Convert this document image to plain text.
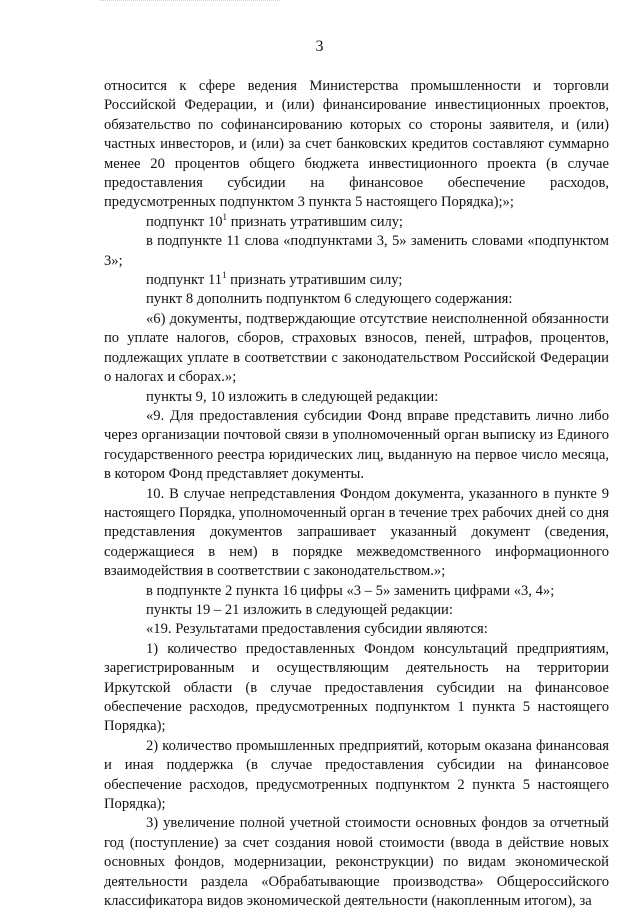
3

относится к сфере ведения Министерства промышленности и торговли Российской Федерации, и (или) финансирование инвестиционных проектов, обязательство по софинансированию которых со стороны заявителя, и (или) частных инвесторов, и (или) за счет банковских кредитов составляют суммарно менее 20 процентов общего бюджета инвестиционного проекта (в случае предоставления субсидии на финансовое обеспечение расходов, предусмотренных подпунктом 3 пункта 5 настоящего Порядка);»;

подпункт $10^1$ признать утратившим силу;

в подпункте 11 слова «подпунктами 3, 5» заменить словами «подпунктом 3»;

подпункт $11^1$ признать утратившим силу;

пункт 8 дополнить подпунктом 6 следующего содержания:

«6) документы, подтверждающие отсутствие неисполненной обязанности по уплате налогов, сборов, страховых взносов, пеней, штрафов, процентов, подлежащих уплате в соответствии с законодательством Российской Федерации о налогах и сборах.»;

пункты 9, 10 изложить в следующей редакции:

«9. Для предоставления субсидии Фонд вправе представить лично либо через организации почтовой связи в уполномоченный орган выписку из Единого государственного реестра юридических лиц, выданную на первое число месяца, в котором Фонд представляет документы.

10. В случае непредставления Фондом документа, указанного в пункте 9 настоящего Порядка, уполномоченный орган в течение трех рабочих дней со дня представления документов запрашивает указанный документ (сведения, содержащиеся в нем) в порядке межведомственного информационного взаимодействия в соответствии с законодательством.»;

в подпункте 2 пункта 16 цифры «3 – 5» заменить цифрами «3, 4»;

пункты 19 – 21 изложить в следующей редакции:

«19. Результатами предоставления субсидии являются:

1) количество предоставленных Фондом консультаций предприятиям, зарегистрированным и осуществляющим деятельность на территории Иркутской области (в случае предоставления субсидии на финансовое обеспечение расходов, предусмотренных подпунктом 1 пункта 5 настоящего Порядка);

2) количество промышленных предприятий, которым оказана финансовая и иная поддержка (в случае предоставления субсидии на финансовое обеспечение расходов, предусмотренных подпунктом 2 пункта 5 настоящего Порядка);

3) увеличение полной учетной стоимости основных фондов за отчетный год (поступление) за счет создания новой стоимости (ввода в действие новых основных фондов, модернизации, реконструкции) по видам экономической деятельности раздела «Обрабатывающие производства» Общероссийского классификатора видов экономической деятельности (накопленным итогом), за
